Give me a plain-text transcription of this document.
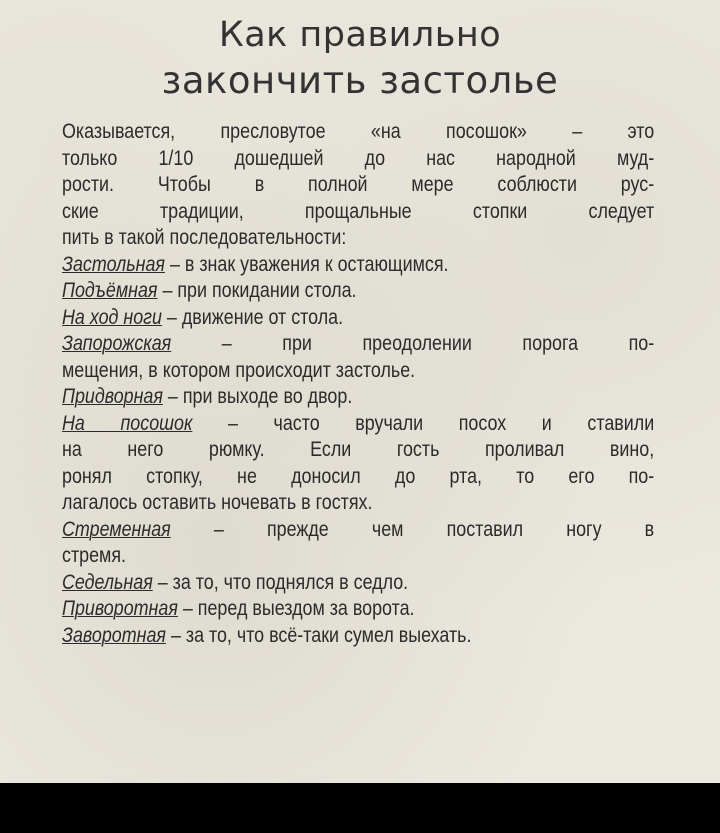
Как правильно
закончить застолье
Оказывается, пресловутое «на посошок» – это
только 1/10 дошедшей до нас народной муд-
рости. Чтобы в полной мере соблюсти рус-
ские традиции, прощальные стопки следует
пить в такой последовательности:
Застольная – в знак уважения к остающимся.
Подъёмная – при покидании стола.
На ход ноги – движение от стола.
Запорожская – при преодолении порога по-
мещения, в котором происходит застолье.
Придворная – при выходе во двор.
На посошок – часто вручали посох и ставили
на него рюмку. Если гость проливал вино,
ронял стопку, не доносил до рта, то его по-
лагалось оставить ночевать в гостях.
Стременная – прежде чем поставил ногу в
стремя.
Седельная – за то, что поднялся в седло.
Приворотная – перед выездом за ворота.
Заворотная – за то, что всё-таки сумел выехать.
